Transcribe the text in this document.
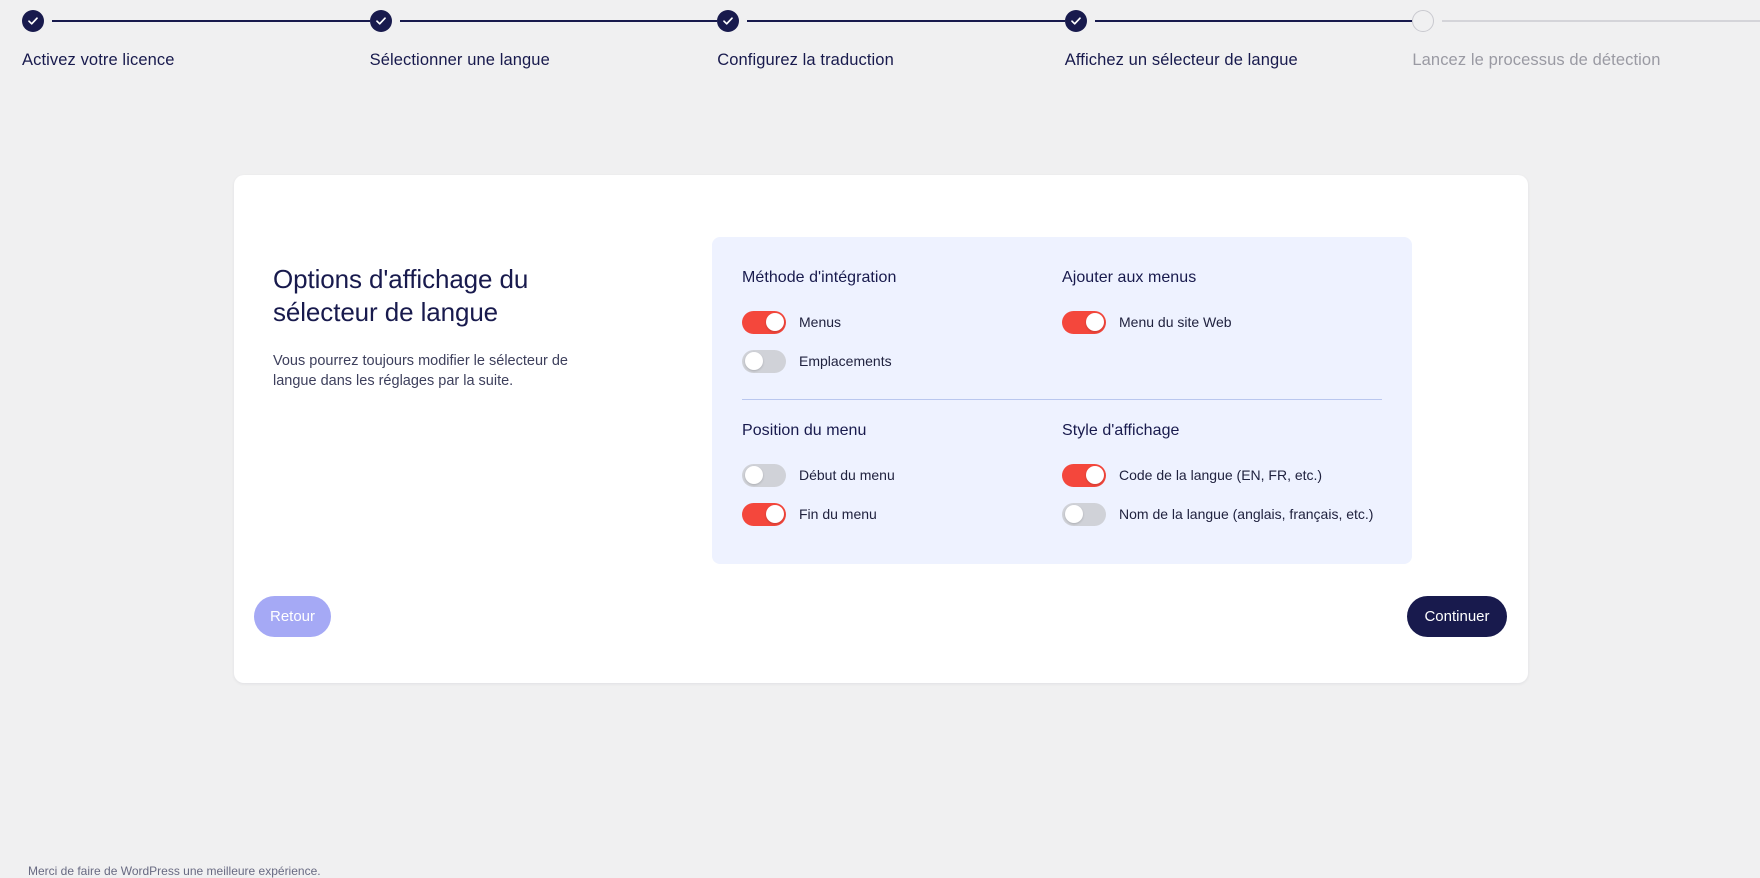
Activez votre licence	Sélectionner une langue	Configurez la traduction	Affichez un sélecteur de langue	Lancez le processus de détection
Options d'affichage du sélecteur de langue
Vous pourrez toujours modifier le sélecteur de langue dans les réglages par la suite.
Méthode d'intégration
Menus
Emplacements
Ajouter aux menus
Menu du site Web
Position du menu
Début du menu
Fin du menu
Style d'affichage
Code de la langue (EN, FR, etc.)
Nom de la langue (anglais, français, etc.)
Retour	Continuer
Merci de faire de WordPress une meilleure expérience.
